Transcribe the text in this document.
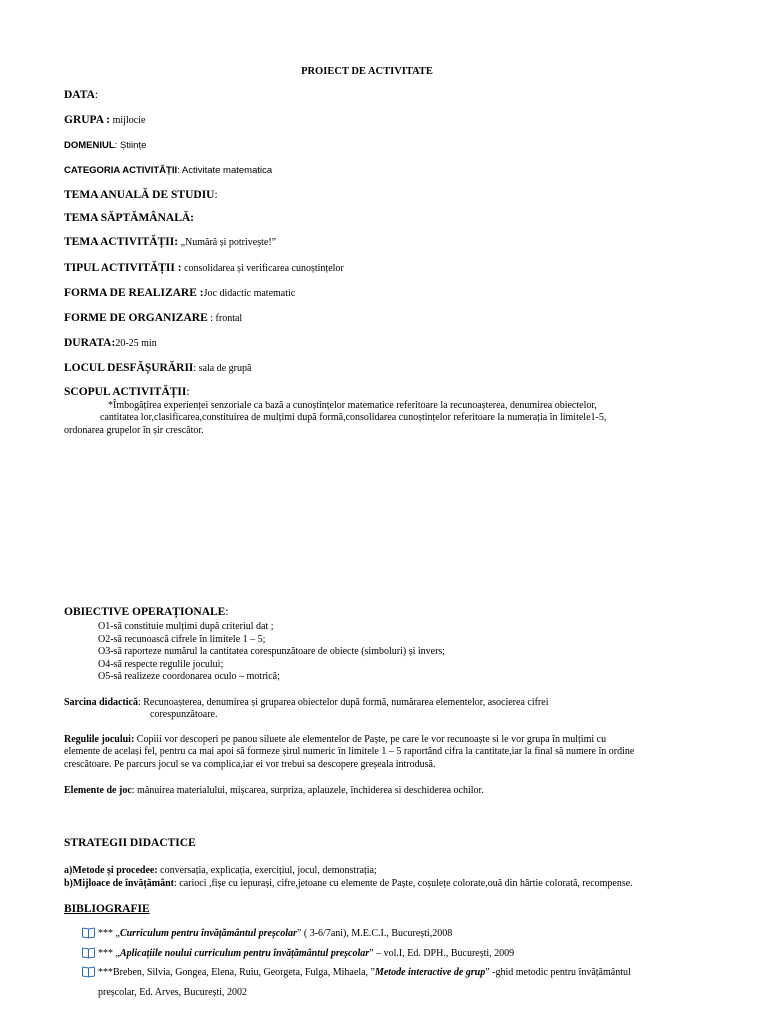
PROIECT DE ACTIVITATE
DATA:
GRUPA : mijlocie
DOMENIUL: Științe
CATEGORIA ACTIVITĂȚII: Activitate matematica
TEMA ANUALĂ DE STUDIU:
TEMA SĂPTĂMÂNALĂ:
TEMA ACTIVITĂȚII: „Numără și potrivește!”
TIPUL ACTIVITĂȚII : consolidarea și verificarea cunoștințelor
FORMA DE REALIZARE :Joc didactic matematic
FORME DE ORGANIZARE : frontal
DURATA:20-25 min
LOCUL DESFĂȘURĂRII: sala de grupă
SCOPUL ACTIVITĂȚII:
*Îmbogățirea experienței senzoriale ca bază a cunoștințelor matematice referitoare la recunoașterea, denumirea obiectelor,
cantitatea lor,clasificarea,constituirea de mulțimi după formă,consolidarea cunoștințelor referitoare la numerația în limitele1-5,
ordonarea grupelor în șir crescător.
OBIECTIVE OPERAȚIONALE:
O1-să constituie mulțimi după criteriul dat ;
O2-să recunoască cifrele în limitele 1 – 5;
O3-să raporteze numărul la cantitatea corespunzătoare de obiecte (simboluri) și invers;
O4-să respecte regulile jocului;
O5-să realizeze coordonarea oculo – motrică;
Sarcina didactică: Recunoașterea, denumirea și gruparea obiectelor după formă, numărarea elementelor, asocierea cifrei
corespunzătoare.
Regulile jocului: Copiii vor descoperi pe panou siluete ale elementelor de Paște, pe care le vor recunoaște si le vor grupa în mulțimi cu
elemente de același fel, pentru ca mai apoi să formeze șirul numeric în limitele 1 – 5 raportând cifra la cantitate,iar la final să numere în ordine
crescătoare. Pe parcurs jocul se va complica,iar ei vor trebui sa descopere greșeala introdusă.
Elemente de joc: mânuirea materialului, mișcarea, surpriza, aplauzele, închiderea si deschiderea ochilor.
STRATEGII DIDACTICE
a)Metode și procedee: conversația, explicația, exercițiul, jocul, demonstrația;
b)Mijloace de învățământ: carioci ,fișe cu iepurași, cifre,jetoane cu elemente de Paște, coșulețe colorate,ouă din hârtie colorată, recompense.
BIBLIOGRAFIE
*** „Curriculum pentru învățământul preșcolar” ( 3-6/7ani), M.E.C.I., București,2008
*** „Aplicațiile noului curriculum pentru învățământul preșcolar” – vol.I, Ed. DPH., București, 2009
***Breben, Silvia, Gongea, Elena, Ruiu, Georgeta, Fulga, Mihaela, ”Metode interactive de grup” -ghid metodic pentru învățământul
preșcolar, Ed. Arves, București, 2002
